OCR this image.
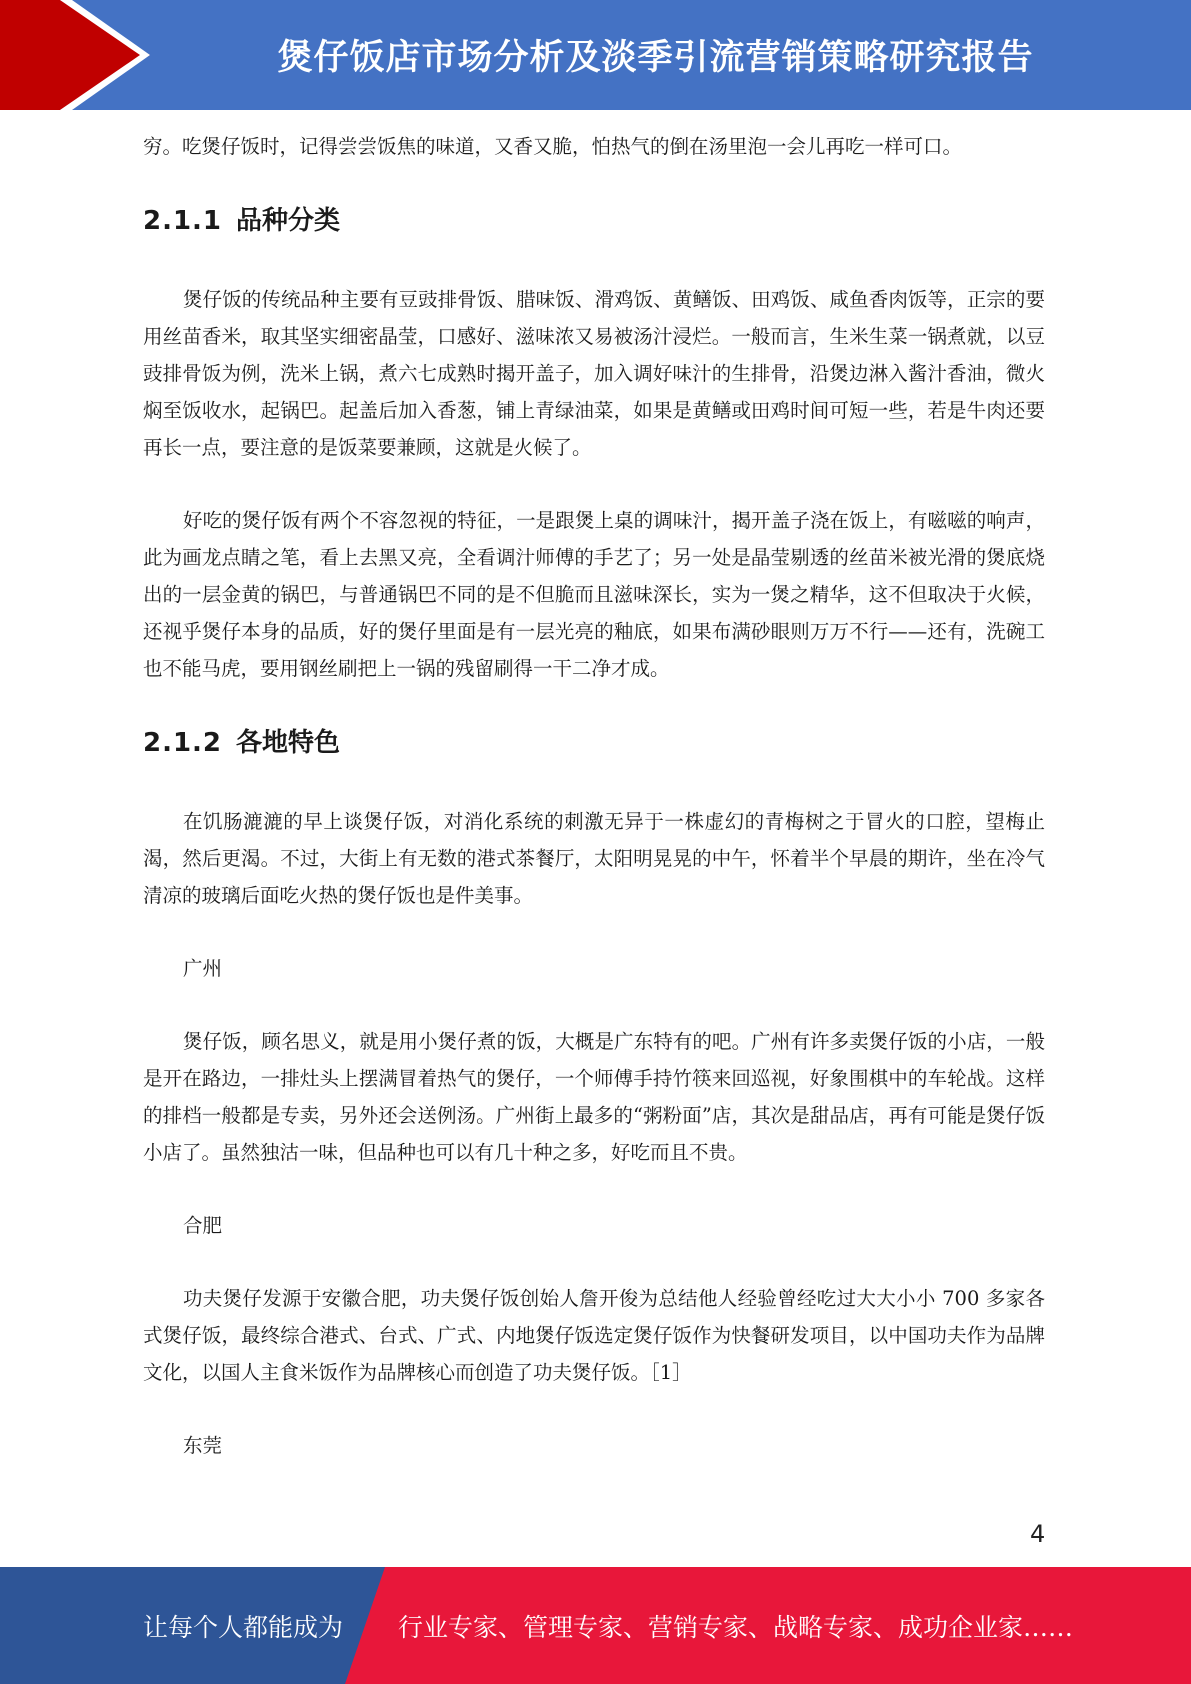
煲仔饭店市场分析及淡季引流营销策略研究报告

穷。吃煲仔饭时，记得尝尝饭焦的味道，又香又脆，怕热气的倒在汤里泡一会儿再吃一样可口。

2.1.1 品种分类

煲仔饭的传统品种主要有豆豉排骨饭、腊味饭、滑鸡饭、黄鳝饭、田鸡饭、咸鱼香肉饭等，正宗的要用丝苗香米，取其坚实细密晶莹，口感好、滋味浓又易被汤汁浸烂。一般而言，生米生菜一锅煮就，以豆豉排骨饭为例，洗米上锅，煮六七成熟时揭开盖子，加入调好味汁的生排骨，沿煲边淋入酱汁香油，微火焖至饭收水，起锅巴。起盖后加入香葱，铺上青绿油菜，如果是黄鳝或田鸡时间可短一些，若是牛肉还要再长一点，要注意的是饭菜要兼顾，这就是火候了。

好吃的煲仔饭有两个不容忽视的特征，一是跟煲上桌的调味汁，揭开盖子浇在饭上，有嗞嗞的响声，此为画龙点睛之笔，看上去黑又亮，全看调汁师傅的手艺了；另一处是晶莹剔透的丝苗米被光滑的煲底烧出的一层金黄的锅巴，与普通锅巴不同的是不但脆而且滋味深长，实为一煲之精华，这不但取决于火候，还视乎煲仔本身的品质，好的煲仔里面是有一层光亮的釉底，如果布满砂眼则万万不行——还有，洗碗工也不能马虎，要用钢丝刷把上一锅的残留刷得一干二净才成。

2.1.2 各地特色

在饥肠漉漉的早上谈煲仔饭，对消化系统的刺激无异于一株虚幻的青梅树之于冒火的口腔，望梅止渴，然后更渴。不过，大街上有无数的港式茶餐厅，太阳明晃晃的中午，怀着半个早晨的期许，坐在冷气清凉的玻璃后面吃火热的煲仔饭也是件美事。

广州

煲仔饭，顾名思义，就是用小煲仔煮的饭，大概是广东特有的吧。广州有许多卖煲仔饭的小店，一般是开在路边，一排灶头上摆满冒着热气的煲仔，一个师傅手持竹筷来回巡视，好象围棋中的车轮战。这样的排档一般都是专卖，另外还会送例汤。广州街上最多的“粥粉面”店，其次是甜品店，再有可能是煲仔饭小店了。虽然独沽一味，但品种也可以有几十种之多，好吃而且不贵。

合肥

功夫煲仔发源于安徽合肥，功夫煲仔饭创始人詹开俊为总结他人经验曾经吃过大大小小 700 多家各式煲仔饭，最终综合港式、台式、广式、内地煲仔饭选定煲仔饭作为快餐研发项目，以中国功夫作为品牌文化，以国人主食米饭作为品牌核心而创造了功夫煲仔饭。［1］

东莞

4
让每个人都能成为 行业专家、管理专家、营销专家、战略专家、成功企业家……
